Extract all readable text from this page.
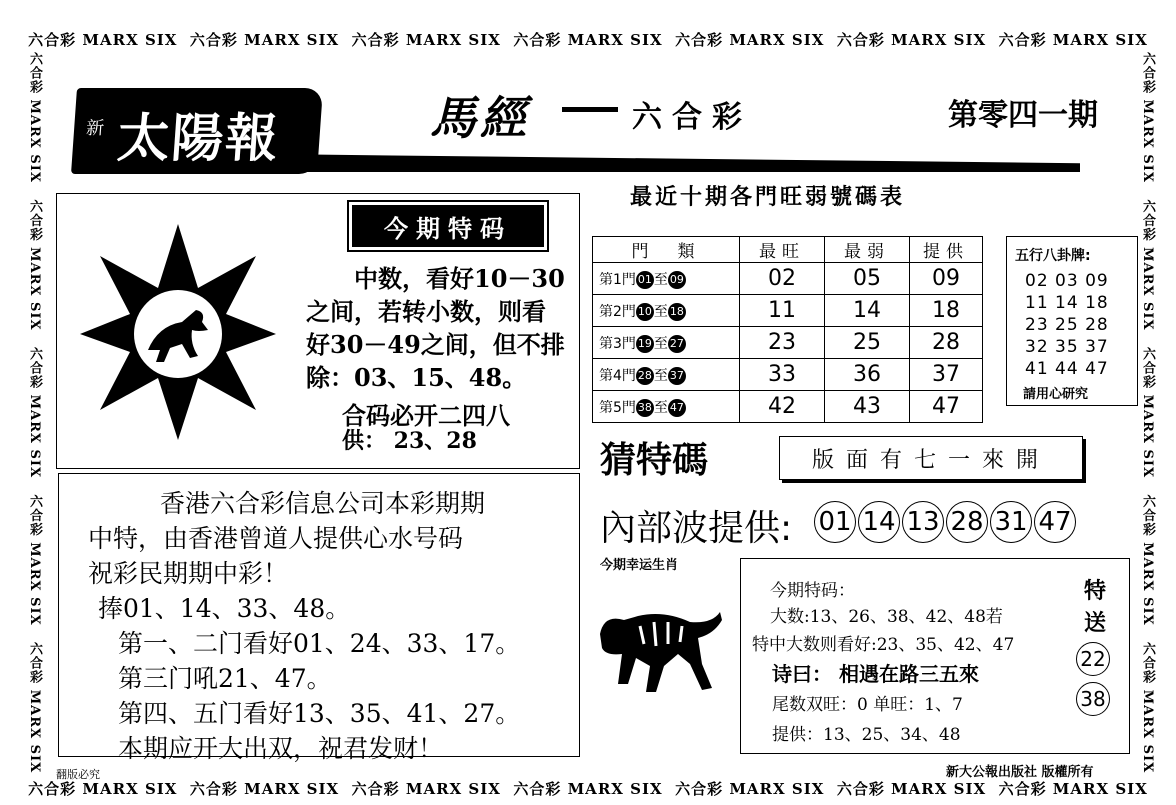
六合彩 MARX SIX
六合彩 MARX SIX
六合彩 MARX SIX
六合彩 MARX SIX
六合彩 MARX SIX
六合彩 MARX SIX
六合彩 MARX SIX
六合彩 MARX SIX
六合彩 MARX SIX
六合彩 MARX SIX
六合彩 MARX SIX
六合彩 MARX SIX
六合彩 MARX SIX
六合彩 MARX SIX
六合彩 MARX SIX   六合彩 MARX SIX   六合彩 MARX SIX   六合彩 MARX SIX   六合彩 MARX SIX
六合彩 MARX SIX   六合彩 MARX SIX   六合彩 MARX SIX   六合彩 MARX SIX   六合彩 MARX SIX
新 太陽報	馬經	六合彩	第零四一期
今期特码

中数，看好10－30

之间，若转小数，则看

好30－49之间，但不排

除：03、15、48。

合码必开二四八
供： 23、28

香港六合彩信息公司本彩期期

中特，由香港曾道人提供心水号码

祝彩民期期中彩！

捧01、14、33、48。

第一、二门看好01、24、33、17。

第三门吼21、47。

第四、五门看好13、35、41、27。

本期应开大出双，祝君发财！

最近十期各門旺弱號碼表
門　類	最旺	最弱	提供
第1門 01 至 09	02	05	09
第2門 10 至 18	11	14	18
第3門 19 至 27	23	25	28
第4門 28 至 37	33	36	37
第5門 38 至 47	42	43	47
五行八卦牌:
02 03 09
11 14 18
23 25 28
32 35 37
41 44 47
請用心研究
猜特碼	版面有七一來開
內部波提供: 01 14 13 28 31 47
今期幸运生肖
今期特码：
大数:13、26、38、42、48若
特中大数则看好:23、35、42、47
诗曰： 相遇在路三五來
尾数双旺：0 单旺：1、7
提供：13、25、34、48
特
送
22
38
翻版必究	新大公報出版社 版權所有
